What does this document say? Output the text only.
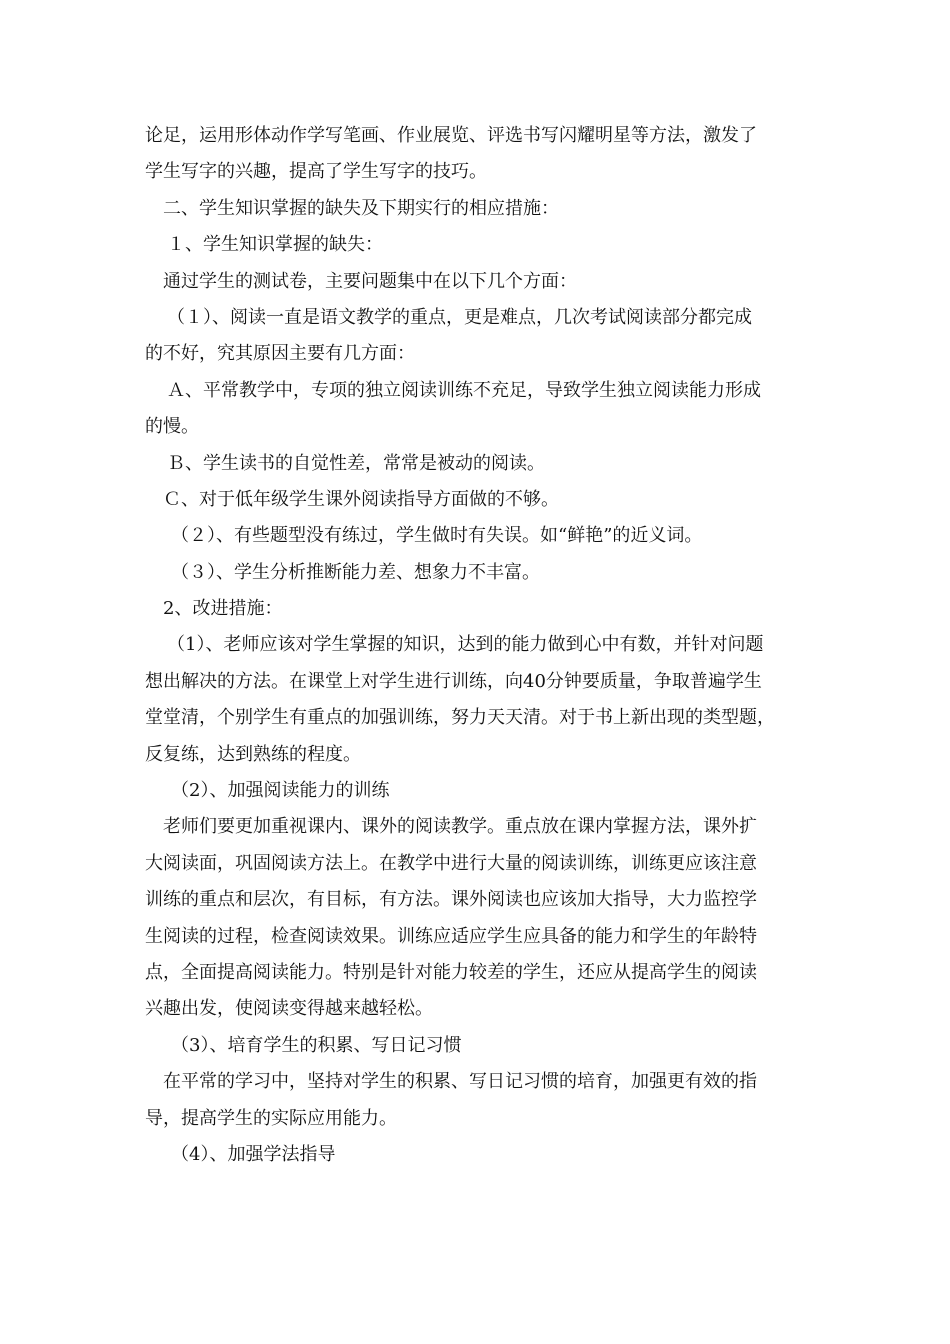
论足，运用形体动作学写笔画、作业展览、评选书写闪耀明星等方法，激发了
学生写字的兴趣，提高了学生写字的技巧。
二、学生知识掌握的缺失及下期实行的相应措施：
１、学生知识掌握的缺失：
通过学生的测试卷，主要问题集中在以下几个方面：
（１）、阅读一直是语文教学的重点，更是难点，几次考试阅读部分都完成
的不好，究其原因主要有几方面：
Ａ、平常教学中，专项的独立阅读训练不充足，导致学生独立阅读能力形成
的慢。
Ｂ、学生读书的自觉性差，常常是被动的阅读。
Ｃ、对于低年级学生课外阅读指导方面做的不够。
（２）、有些题型没有练过，学生做时有失误。如“鲜艳”的近义词。
（３）、学生分析推断能力差、想象力不丰富。
2、改进措施：
（1）、老师应该对学生掌握的知识，达到的能力做到心中有数，并针对问题
想出解决的方法。在课堂上对学生进行训练，向40分钟要质量，争取普遍学生
堂堂清，个别学生有重点的加强训练，努力天天清。对于书上新出现的类型题，
反复练，达到熟练的程度。
（2）、加强阅读能力的训练
老师们要更加重视课内、课外的阅读教学。重点放在课内掌握方法，课外扩
大阅读面，巩固阅读方法上。在教学中进行大量的阅读训练，训练更应该注意
训练的重点和层次，有目标，有方法。课外阅读也应该加大指导，大力监控学
生阅读的过程，检查阅读效果。训练应适应学生应具备的能力和学生的年龄特
点，全面提高阅读能力。特别是针对能力较差的学生，还应从提高学生的阅读
兴趣出发，使阅读变得越来越轻松。
（3）、培育学生的积累、写日记习惯
在平常的学习中，坚持对学生的积累、写日记习惯的培育，加强更有效的指
导，提高学生的实际应用能力。
（4）、加强学法指导
